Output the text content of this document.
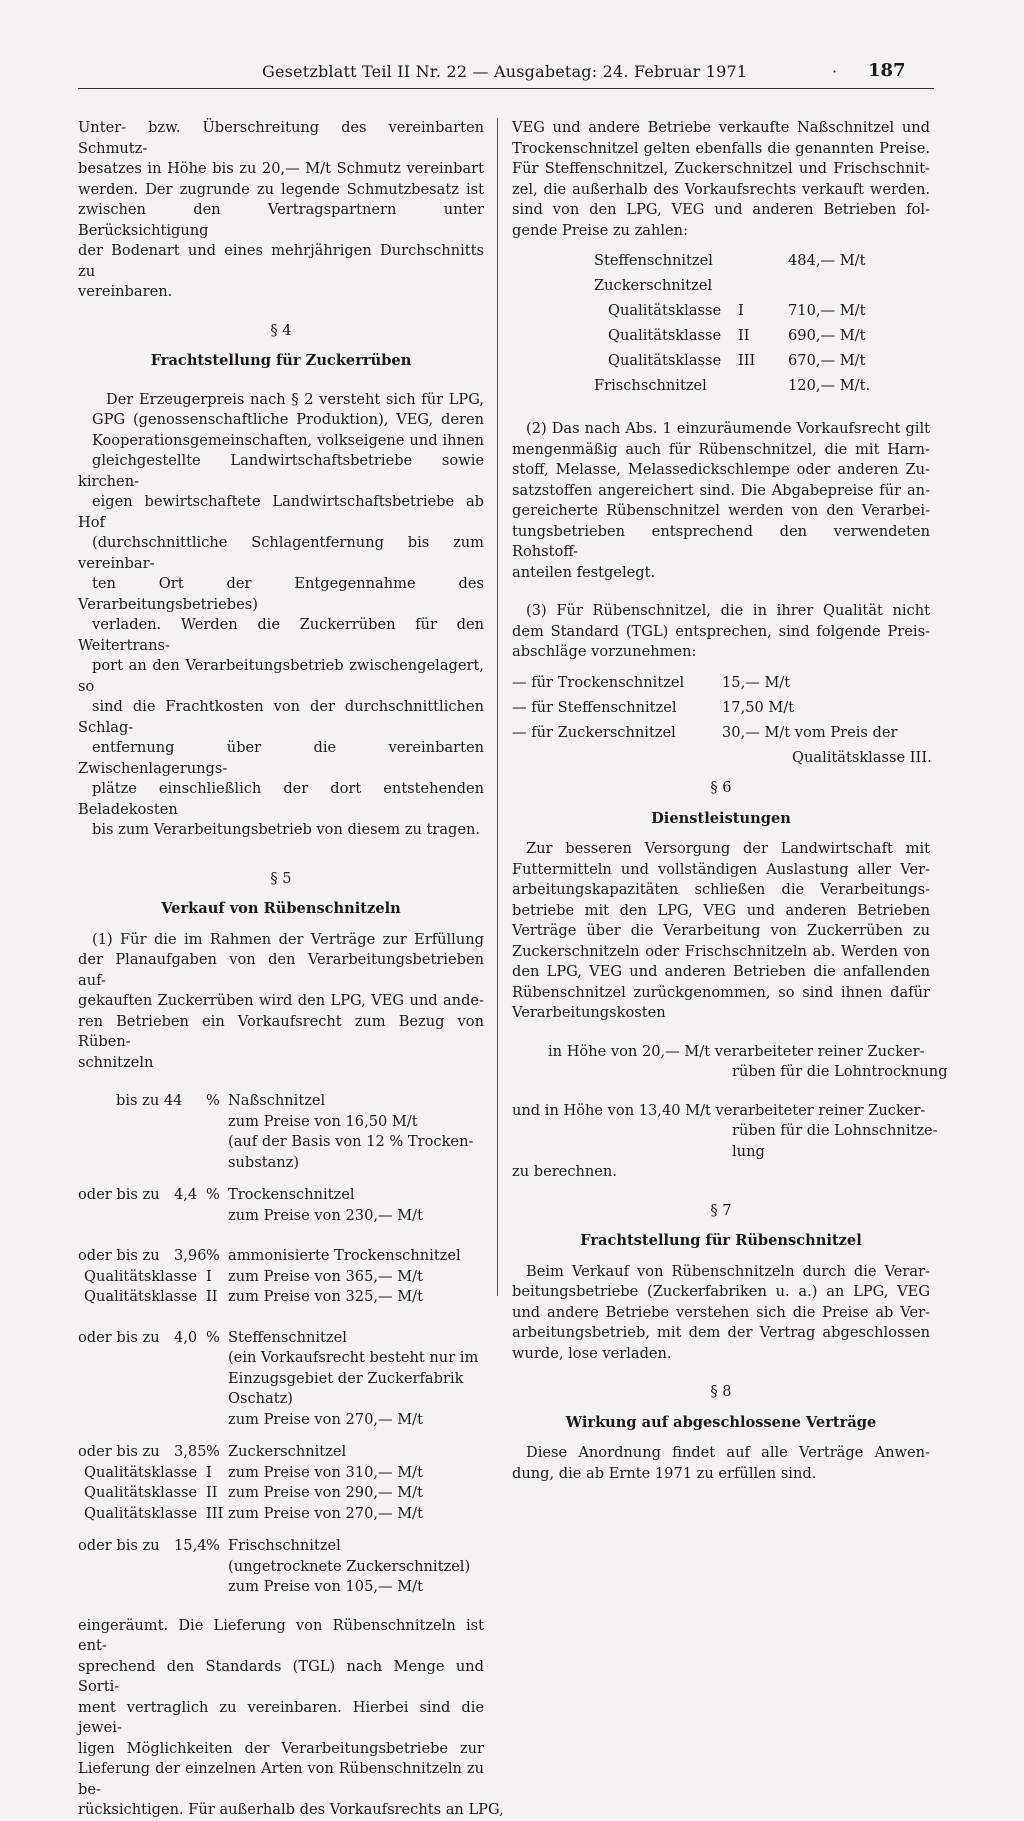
Gesetzblatt Teil II Nr. 22 — Ausgabetag: 24. Februar 1971	· 187
Unter- bzw. Überschreitung des vereinbarten Schmutz-
besatzes in Höhe bis zu 20,— M/t Schmutz vereinbart
werden. Der zugrunde zu legende Schmutzbesatz ist
zwischen den Vertragspartnern unter Berücksichtigung
der Bodenart und eines mehrjährigen Durchschnitts zu
vereinbaren.

§ 4

Frachtstellung für Zuckerrüben

Der Erzeugerpreis nach § 2 versteht sich für LPG,
GPG (genossenschaftliche Produktion), VEG, deren
Kooperationsgemeinschaften, volkseigene und ihnen
gleichgestellte Landwirtschaftsbetriebe sowie kirchen-
eigen bewirtschaftete Landwirtschaftsbetriebe ab Hof
(durchschnittliche Schlagentfernung bis zum vereinbar-
ten Ort der Entgegennahme des Verarbeitungsbetriebes)
verladen. Werden die Zuckerrüben für den Weitertrans-
port an den Verarbeitungsbetrieb zwischengelagert, so
sind die Frachtkosten von der durchschnittlichen Schlag-
entfernung über die vereinbarten Zwischenlagerungs-
plätze einschließlich der dort entstehenden Beladekosten
bis zum Verarbeitungsbetrieb von diesem zu tragen.

§ 5

Verkauf von Rübenschnitzeln

(1) Für die im Rahmen der Verträge zur Erfüllung
der Planaufgaben von den Verarbeitungsbetrieben auf-
gekauften Zuckerrüben wird den LPG, VEG und ande-
ren Betrieben ein Vorkaufsrecht zum Bezug von Rüben-
schnitzeln
bis zu 44 % Naßschnitzel
zum Preise von 16,50 M/t
(auf der Basis von 12 % Trocken-
substanz)
oder bis zu 4,4 % Trockenschnitzel
zum Preise von 230,— M/t
oder bis zu 3,96 % ammonisierte Trockenschnitzel
Qualitätsklasse I zum Preise von 365,— M/t
Qualitätsklasse II zum Preise von 325,— M/t
oder bis zu 4,0 % Steffenschnitzel
(ein Vorkaufsrecht besteht nur im
Einzugsgebiet der Zuckerfabrik
Oschatz)
zum Preise von 270,— M/t
oder bis zu 3,85 % Zuckerschnitzel
Qualitätsklasse I zum Preise von 310,— M/t
Qualitätsklasse II zum Preise von 290,— M/t
Qualitätsklasse III zum Preise von 270,— M/t
oder bis zu 15,4 % Frischschnitzel
(ungetrocknete Zuckerschnitzel)
zum Preise von 105,— M/t
eingeräumt. Die Lieferung von Rübenschnitzeln ist ent-
sprechend den Standards (TGL) nach Menge und Sorti-
ment vertraglich zu vereinbaren. Hierbei sind die jewei-
ligen Möglichkeiten der Verarbeitungsbetriebe zur
Lieferung der einzelnen Arten von Rübenschnitzeln zu be-
rücksichtigen. Für außerhalb des Vorkaufsrechts an LPG,
VEG und andere Betriebe verkaufte Naßschnitzel und
Trockenschnitzel gelten ebenfalls die genannten Preise.
Für Steffenschnitzel, Zuckerschnitzel und Frischschnit-
zel, die außerhalb des Vorkaufsrechts verkauft werden.
sind von den LPG, VEG und anderen Betrieben fol-
gende Preise zu zahlen:
Steffenschnitzel	484,— M/t
Zuckerschnitzel
Qualitätsklasse I	710,— M/t
Qualitätsklasse II	690,— M/t
Qualitätsklasse III 670,— M/t
Frischschnitzel	120,— M/t.
(2) Das nach Abs. 1 einzuräumende Vorkaufsrecht gilt
mengenmäßig auch für Rübenschnitzel, die mit Harn-
stoff, Melasse, Melassedickschlempe oder anderen Zu-
satzstoffen angereichert sind. Die Abgabepreise für an-
gereicherte Rübenschnitzel werden von den Verarbei-
tungsbetrieben entsprechend den verwendeten Rohstoff-
anteilen festgelegt.
(3) Für Rübenschnitzel, die in ihrer Qualität nicht
dem Standard (TGL) entsprechen, sind folgende Preis-
abschläge vorzunehmen:
— für Trockenschnitzel	15,— M/t
— für Steffenschnitzel	17,50 M/t
— für Zuckerschnitzel	30,— M/t vom Preis der
Qualitätsklasse III.

§ 6

Dienstleistungen

Zur besseren Versorgung der Landwirtschaft mit
Futtermitteln und vollständigen Auslastung aller Ver-
arbeitungskapazitäten schließen die Verarbeitungs-
betriebe mit den LPG, VEG und anderen Betrieben
Verträge über die Verarbeitung von Zuckerrüben zu
Zuckerschnitzeln oder Frischschnitzeln ab. Werden von
den LPG, VEG und anderen Betrieben die anfallenden
Rübenschnitzel zurückgenommen, so sind ihnen dafür
Verarbeitungskosten
in Höhe von 20,— M/t verarbeiteter reiner Zucker-
rüben für die Lohntrocknung
und in Höhe von 13,40 M/t verarbeiteter reiner Zucker-
rüben für die Lohnschnitze-
lung

zu berechnen.

§ 7

Frachtstellung für Rübenschnitzel

Beim Verkauf von Rübenschnitzeln durch die Verar-
beitungsbetriebe (Zuckerfabriken u. a.) an LPG, VEG
und andere Betriebe verstehen sich die Preise ab Ver-
arbeitungsbetrieb, mit dem der Vertrag abgeschlossen
wurde, lose verladen.

§ 8

Wirkung auf abgeschlossene Verträge

Diese Anordnung findet auf alle Verträge Anwen-
dung, die ab Ernte 1971 zu erfüllen sind.
